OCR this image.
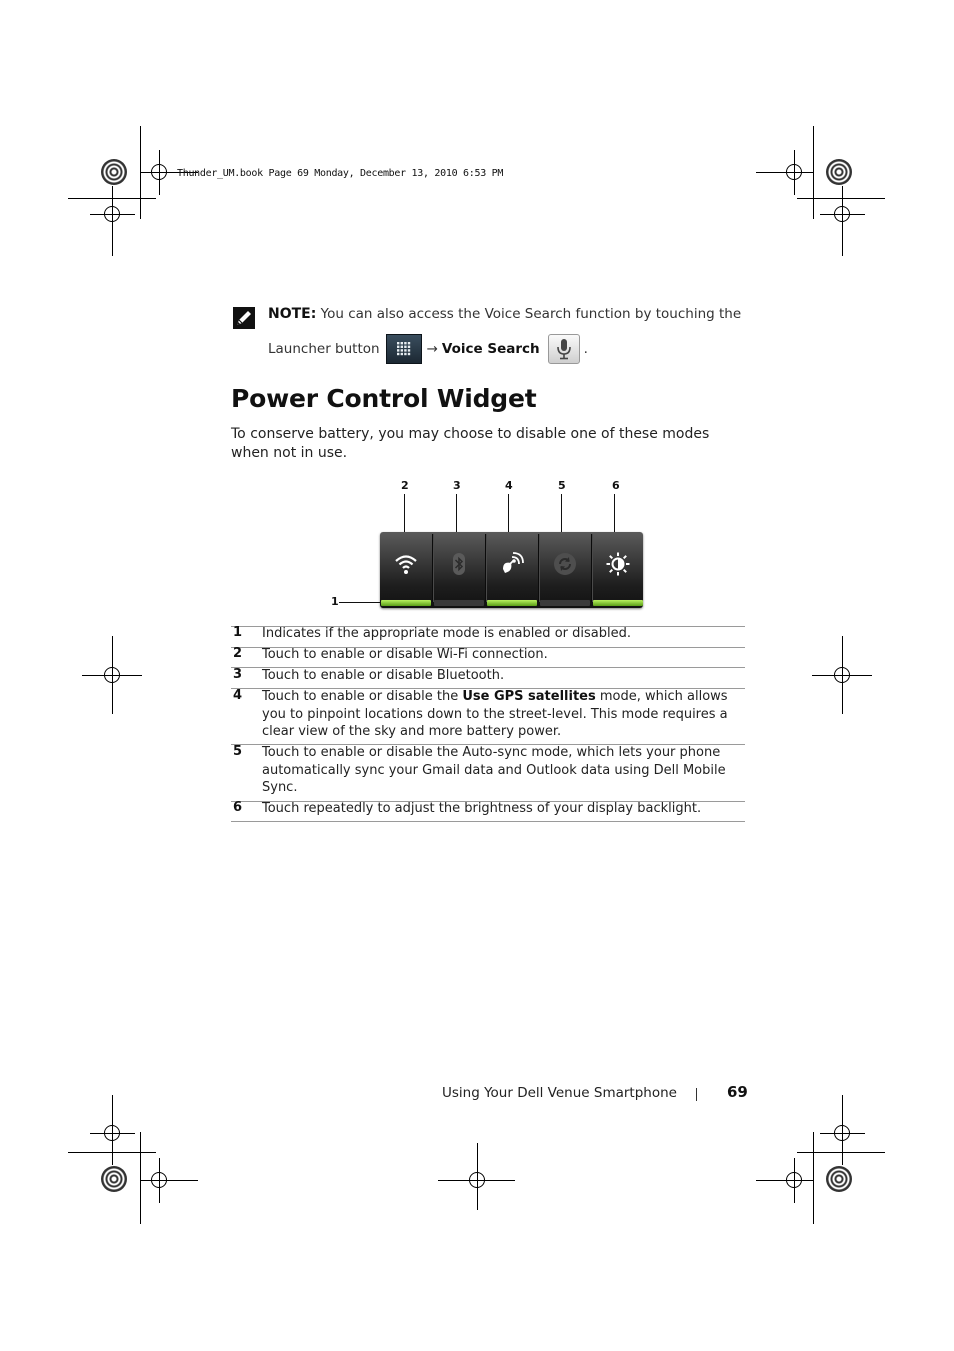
Thunder_UM.book Page 69 Monday, December 13, 2010 6:53 PM
NOTE: You can also access the Voice Search function by touching the
Launcher button	→ Voice Search	.
Power Control Widget
To conserve battery, you may choose to disable one of these modes when not in use.
2	3	4	5	6
1
1 Indicates if the appropriate mode is enabled or disabled.
2 Touch to enable or disable Wi-Fi connection.
3 Touch to enable or disable Bluetooth.
4 Touch to enable or disable the Use GPS satellites mode, which allows you to pinpoint locations down to the street-level. This mode requires a clear view of the sky and more battery power.
5 Touch to enable or disable the Auto-sync mode, which lets your phone automatically sync your Gmail data and Outlook data using Dell Mobile Sync.
6 Touch repeatedly to adjust the brightness of your display backlight.
Using Your Dell Venue Smartphone	69
